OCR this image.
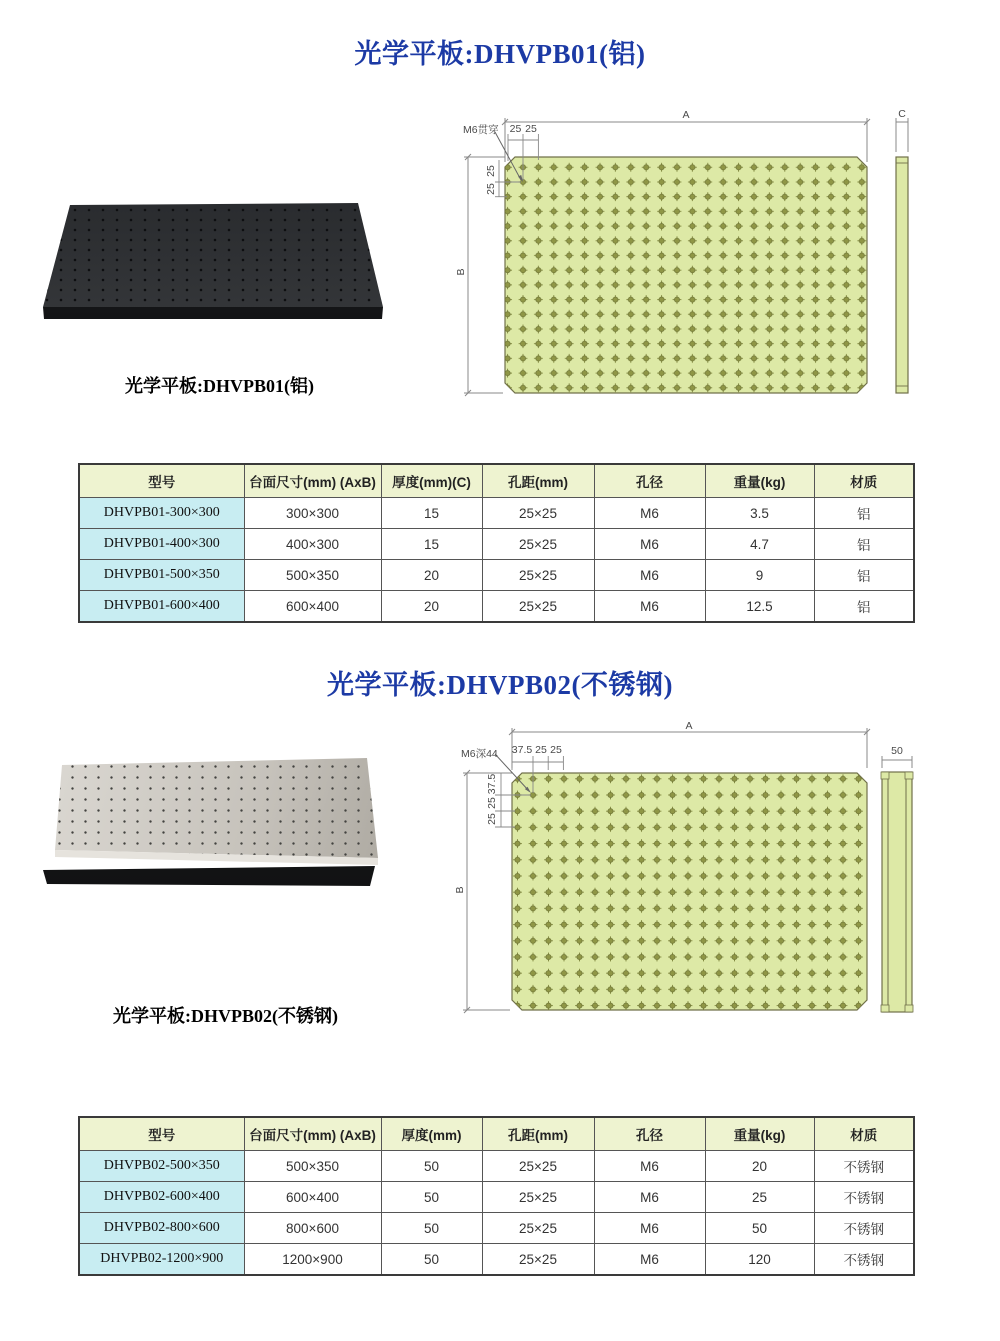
光学平板:DHVPB01(铝)
A
B
C
25 25
25
25
M6贯穿
光学平板:DHVPB01(铝)
型号	台面尺寸(mm) (AxB)	厚度(mm)(C)	孔距(mm)	孔径	重量(kg)	材质
DHVPB01-300×300	300×300	15	25×25	M6	3.5	铝
DHVPB01-400×300	400×300	15	25×25	M6	4.7	铝
DHVPB01-500×350	500×350	20	25×25	M6	9	铝
DHVPB01-600×400	600×400	20	25×25	M6	12.5	铝
光学平板:DHVPB02(不锈钢)
A
B
50
37.5 25 25
37.5
25
25
M6深44
光学平板:DHVPB02(不锈钢)
型号	台面尺寸(mm) (AxB)	厚度(mm)	孔距(mm)	孔径	重量(kg)	材质
DHVPB02-500×350	500×350	50	25×25	M6	20	不锈钢
DHVPB02-600×400	600×400	50	25×25	M6	25	不锈钢
DHVPB02-800×600	800×600	50	25×25	M6	50	不锈钢
DHVPB02-1200×900	1200×900	50	25×25	M6	120	不锈钢
